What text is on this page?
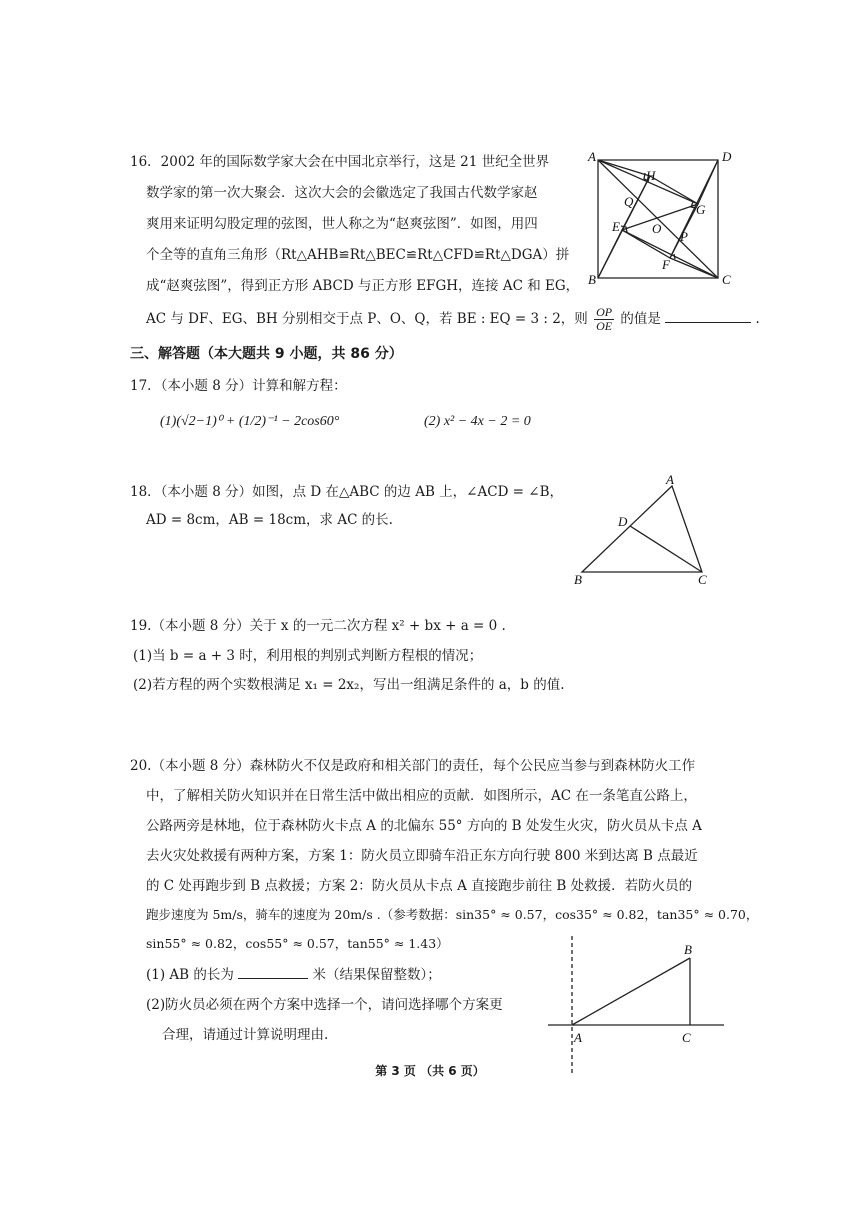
16．2002 年的国际数学家大会在中国北京举行，这是 21 世纪全世界
数学家的第一次大聚会．这次大会的会徽选定了我国古代数学家赵
爽用来证明勾股定理的弦图，世人称之为“赵爽弦图”．如图，用四
个全等的直角三角形（Rt△AHB≌Rt△BEC≌Rt△CFD≌Rt△DGA）拼
成“赵爽弦图”，得到正方形 ABCD 与正方形 EFGH，连接 AC 和 EG，
AC 与 DF、EG、BH 分别相交于点 P、O、Q，若 BE : EQ = 3 : 2，则 $\frac{OP}{OE}$ 的值是	.
A	D
B	C
H
G
E
F
O
P
Q
三、解答题（本大题共 9 小题，共 86 分）
17．（本小题 8 分）计算和解方程：
(1)(√2−1)⁰ + (1/2)⁻¹ − 2cos60°	(2) x² − 4x − 2 = 0
18．（本小题 8 分）如图，点 D 在△ABC 的边 AB 上，∠ACD = ∠B，
AD = 8cm，AB = 18cm，求 AC 的长.
A
B	C
D
19.（本小题 8 分）关于 x 的一元二次方程 x² + bx + a = 0 .
(1)当 b = a + 3 时，利用根的判别式判断方程根的情况；
(2)若方程的两个实数根满足 x₁ = 2x₂，写出一组满足条件的 a，b 的值.
20.（本小题 8 分）森林防火不仅是政府和相关部门的责任，每个公民应当参与到森林防火工作
中，了解相关防火知识并在日常生活中做出相应的贡献．如图所示，AC 在一条笔直公路上，
公路两旁是林地，位于森林防火卡点 A 的北偏东 55° 方向的 B 处发生火灾，防火员从卡点 A
去火灾处救援有两种方案，方案 1：防火员立即骑车沿正东方向行驶 800 米到达离 B 点最近
的 C 处再跑步到 B 点救援；方案 2：防火员从卡点 A 直接跑步前往 B 处救援．若防火员的
跑步速度为 5m/s，骑车的速度为 20m/s .（参考数据：sin35° ≈ 0.57，cos35° ≈ 0.82，tan35° ≈ 0.70，
sin55° ≈ 0.82，cos55° ≈ 0.57，tan55° ≈ 1.43）
(1) AB 的长为	米（结果保留整数）；
(2)防火员必须在两个方案中选择一个，请问选择哪个方案更
合理，请通过计算说明理由.	A
B
C
第 3 页 （共 6 页）
